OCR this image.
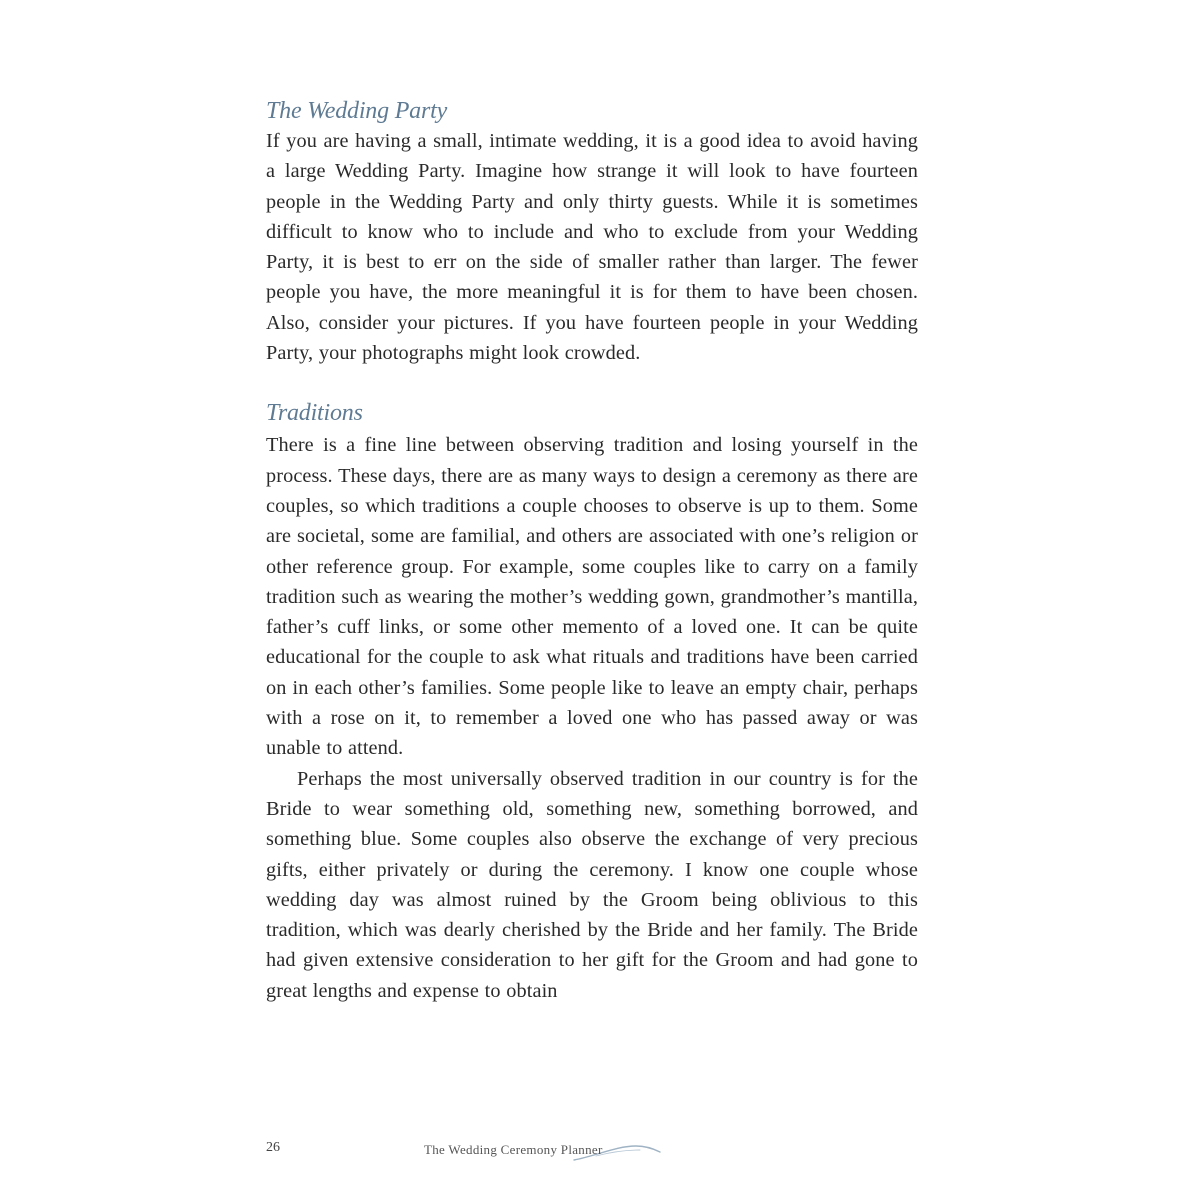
The Wedding Party

If you are having a small, intimate wedding, it is a good idea to avoid having a large Wedding Party. Imagine how strange it will look to have fourteen people in the Wedding Party and only thirty guests. While it is sometimes difficult to know who to include and who to exclude from your Wedding Party, it is best to err on the side of smaller rather than larger. The fewer people you have, the more meaningful it is for them to have been chosen. Also, consider your pictures. If you have fourteen people in your Wedding Party, your photographs might look crowded.

Traditions

There is a fine line between observing tradition and losing yourself in the process. These days, there are as many ways to design a ceremony as there are couples, so which traditions a couple chooses to observe is up to them. Some are societal, some are familial, and others are associated with one’s religion or other reference group. For example, some couples like to carry on a family tradition such as wearing the mother’s wedding gown, grandmother’s mantilla, father’s cuff links, or some other memento of a loved one. It can be quite educational for the couple to ask what rituals and traditions have been carried on in each other’s families. Some people like to leave an empty chair, perhaps with a rose on it, to remember a loved one who has passed away or was unable to attend.

Perhaps the most universally observed tradition in our country is for the Bride to wear something old, something new, something borrowed, and something blue. Some couples also observe the exchange of very precious gifts, either privately or during the ceremony. I know one couple whose wedding day was almost ruined by the Groom being oblivious to this tradition, which was dearly cherished by the Bride and her family. The Bride had given extensive consideration to her gift for the Groom and had gone to great lengths and expense to obtain

26	The Wedding Ceremony Planner
